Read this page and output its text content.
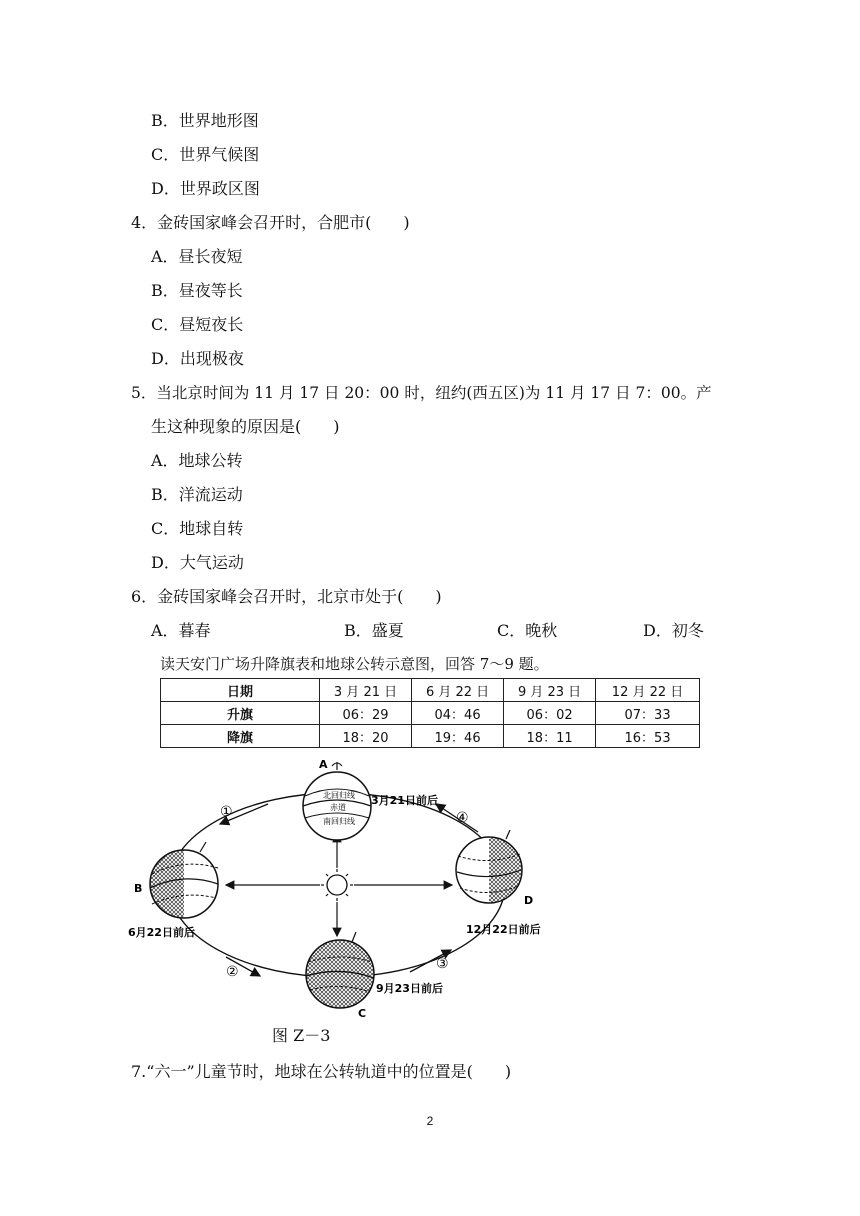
B．世界地形图
C．世界气候图
D．世界政区图
4．金砖国家峰会召开时，合肥市(　　)
A．昼长夜短
B．昼夜等长
C．昼短夜长
D．出现极夜
5．当北京时间为 11 月 17 日 20：00 时，纽约(西五区)为 11 月 17 日 7：00。产
生这种现象的原因是(　　)
A．地球公转
B．洋流运动
C．地球自转
D．大气运动
6．金砖国家峰会召开时，北京市处于(　　)
A．暮春	B．盛夏	C．晚秋	D．初冬
读天安门广场升降旗表和地球公转示意图，回答 7～9 题。
日期	3 月 21 日	6 月 22 日	9 月 23 日	12 月 22 日
升旗	06：29	04：46	06：02	07：33
降旗	18：20	19：46	18：11	16：53
北回归线
赤道
南回归线
A
3月21日前后
B
6月22日前后
D
12月22日前后
C
9月23日前后
①
②	③
④
图 Z－3
7.“六一”儿童节时，地球在公转轨道中的位置是(　　)
2
